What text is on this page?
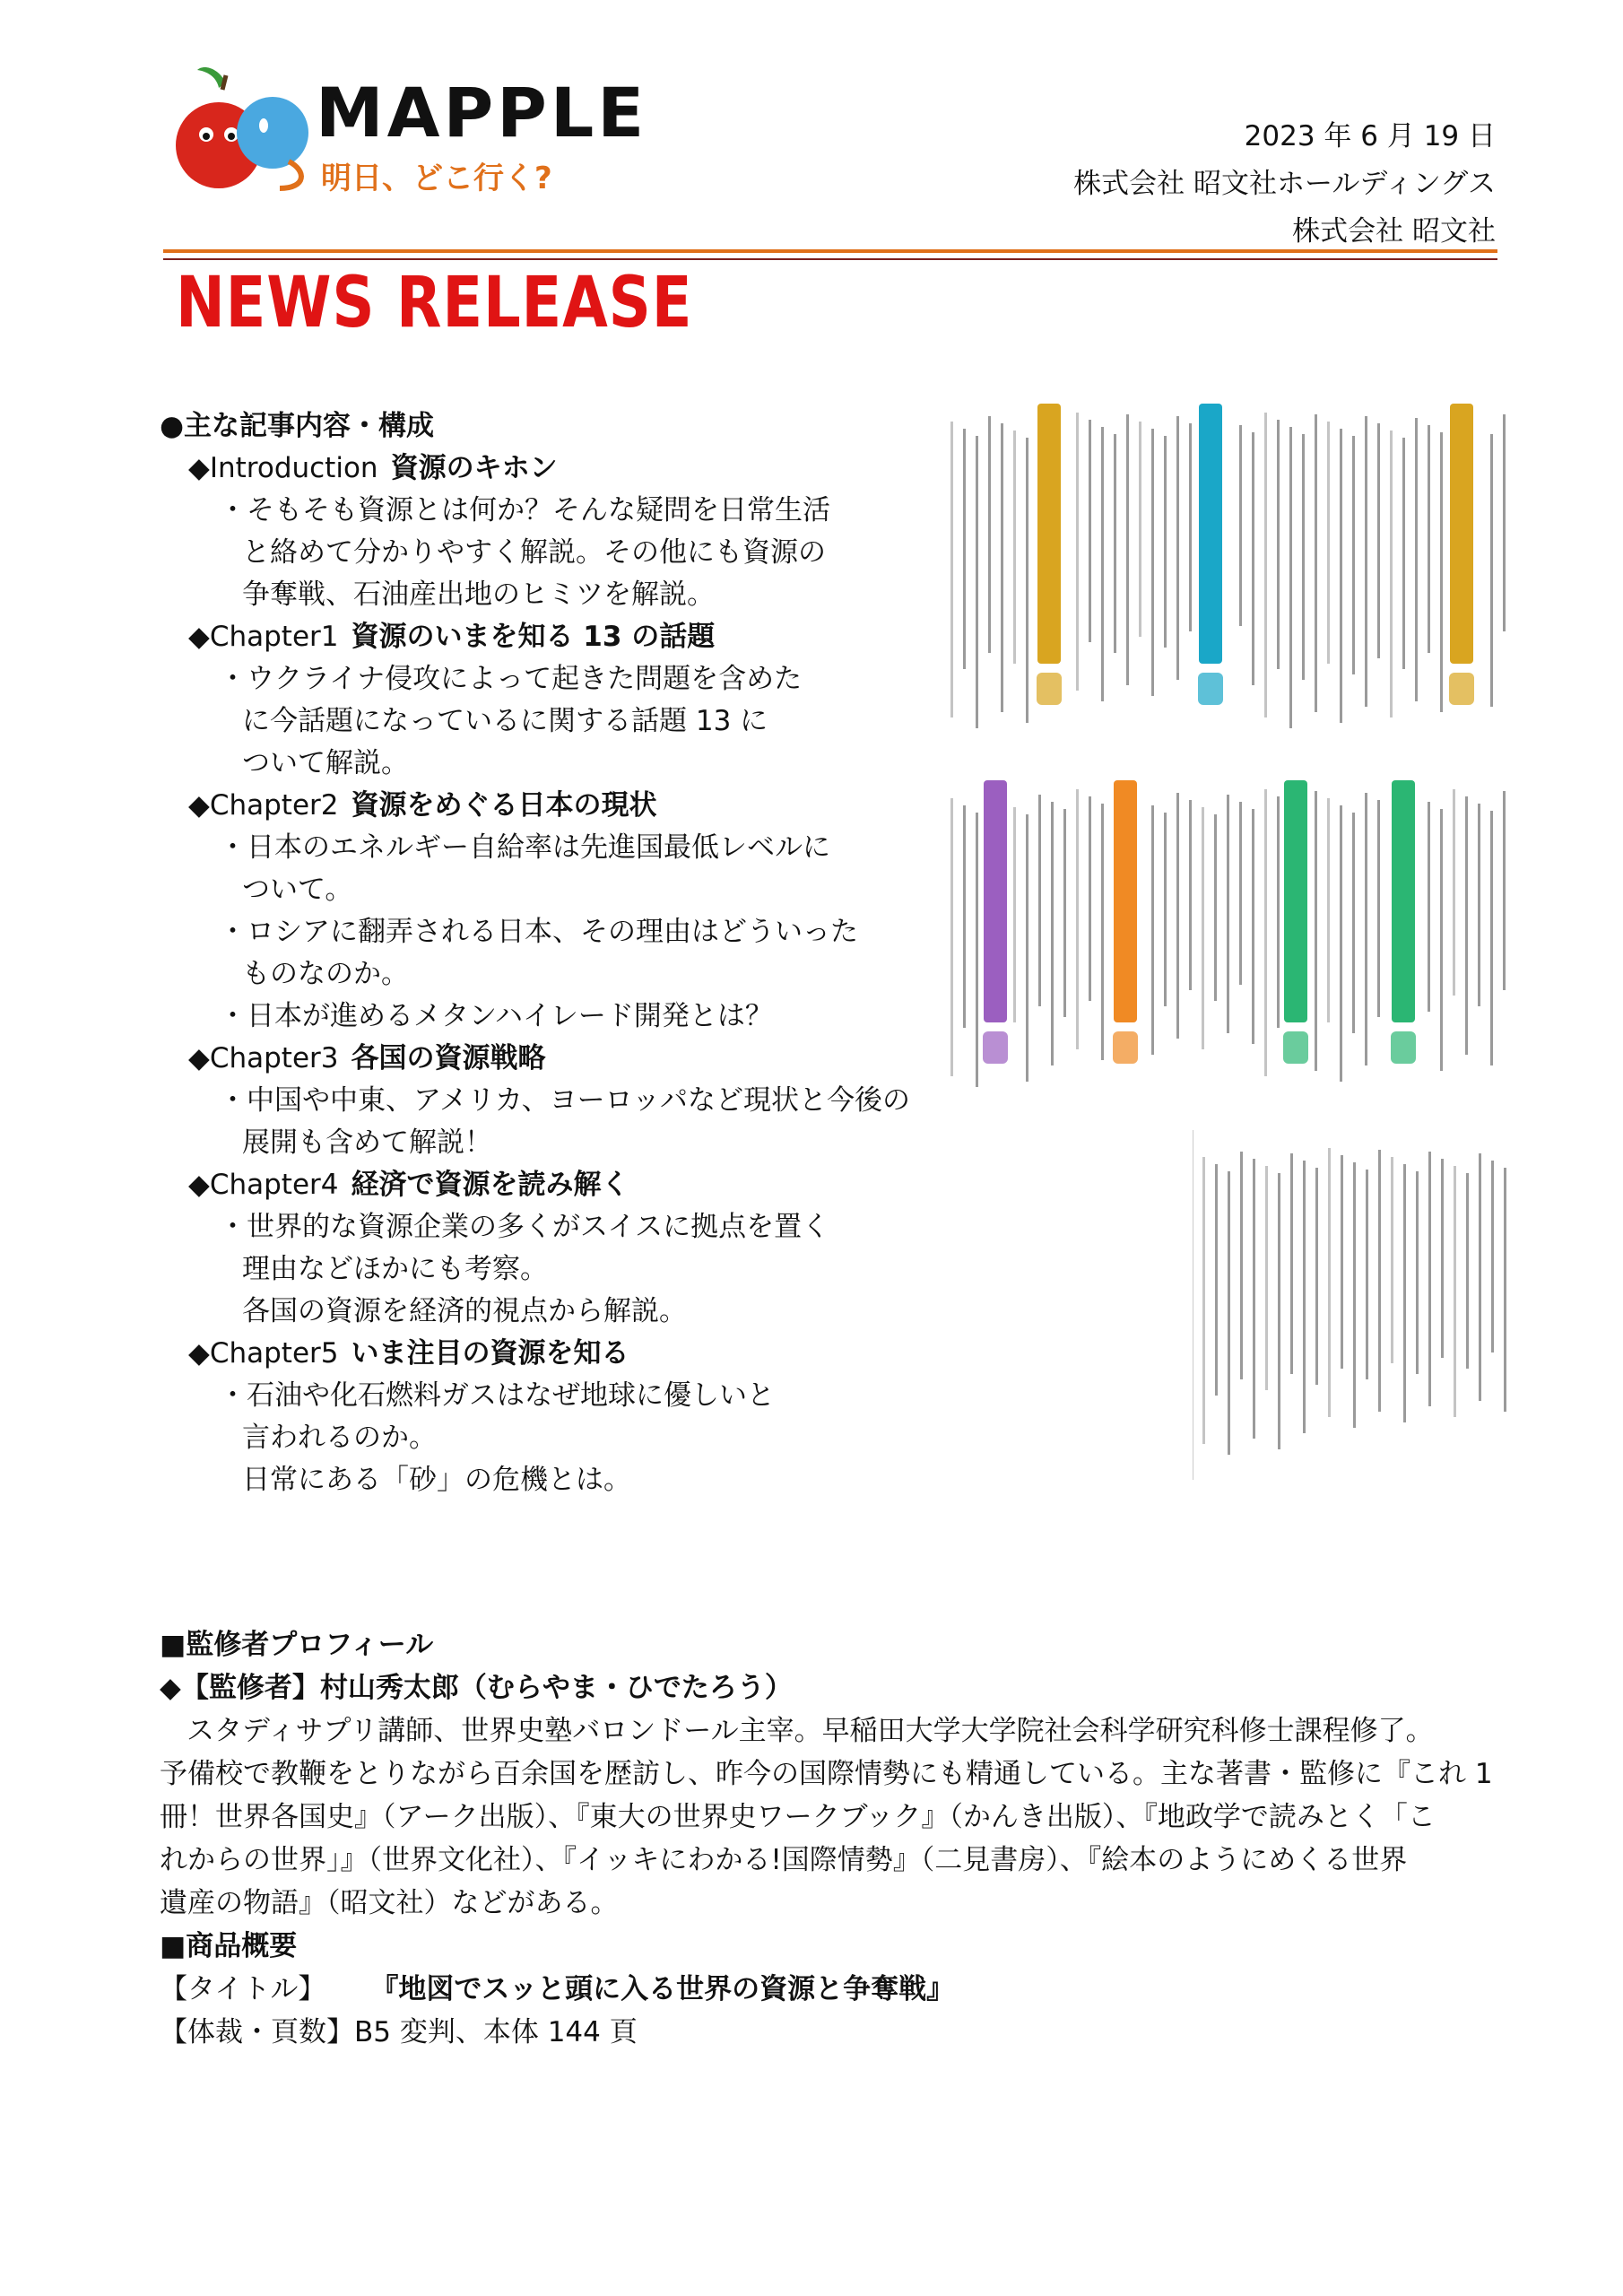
MAPPLE
明日、どこ行く?
2023 年 6 月 19 日
株式会社 昭文社ホールディングス
株式会社 昭文社
NEWS RELEASE
●主な記事内容・構成
◆Introduction 資源のキホン
・そもそも資源とは何か？そんな疑問を日常生活
と絡めて分かりやすく解説。その他にも資源の
争奪戦、石油産出地のヒミツを解説。
◆Chapter1 資源のいまを知る 13 の話題
・ウクライナ侵攻によって起きた問題を含めた
に今話題になっているに関する話題 13 に
ついて解説。
◆Chapter2 資源をめぐる日本の現状
・日本のエネルギー自給率は先進国最低レベルに
ついて。
・ロシアに翻弄される日本、その理由はどういった
ものなのか。
・日本が進めるメタンハイレード開発とは？
◆Chapter3 各国の資源戦略
・中国や中東、アメリカ、ヨーロッパなど現状と今後の
展開も含めて解説！
◆Chapter4 経済で資源を読み解く
・世界的な資源企業の多くがスイスに拠点を置く
理由などほかにも考察。
各国の資源を経済的視点から解説。
◆Chapter5 いま注目の資源を知る
・石油や化石燃料ガスはなぜ地球に優しいと
言われるのか。
日常にある「砂」の危機とは。

■監修者プロフィール

◆【監修者】村山秀太郎（むらやま・ひでたろう）

スタディサプリ講師、世界史塾バロンドール主宰。早稲田大学大学院社会科学研究科修士課程修了。

予備校で教鞭をとりながら百余国を歴訪し、昨今の国際情勢にも精通している。主な著書・監修に『これ 1

冊！世界各国史』（アーク出版）、『東大の世界史ワークブック』（かんき出版）、『地政学で読みとく「こ

れからの世界」』（世界文化社）、『イッキにわかる!国際情勢』（二見書房）、『絵本のようにめくる世界

遺産の物語』（昭文社）などがある。

■商品概要

【タイトル】 『地図でスッと頭に入る世界の資源と争奪戦』

【体裁・頁数】B5 変判、本体 144 頁
